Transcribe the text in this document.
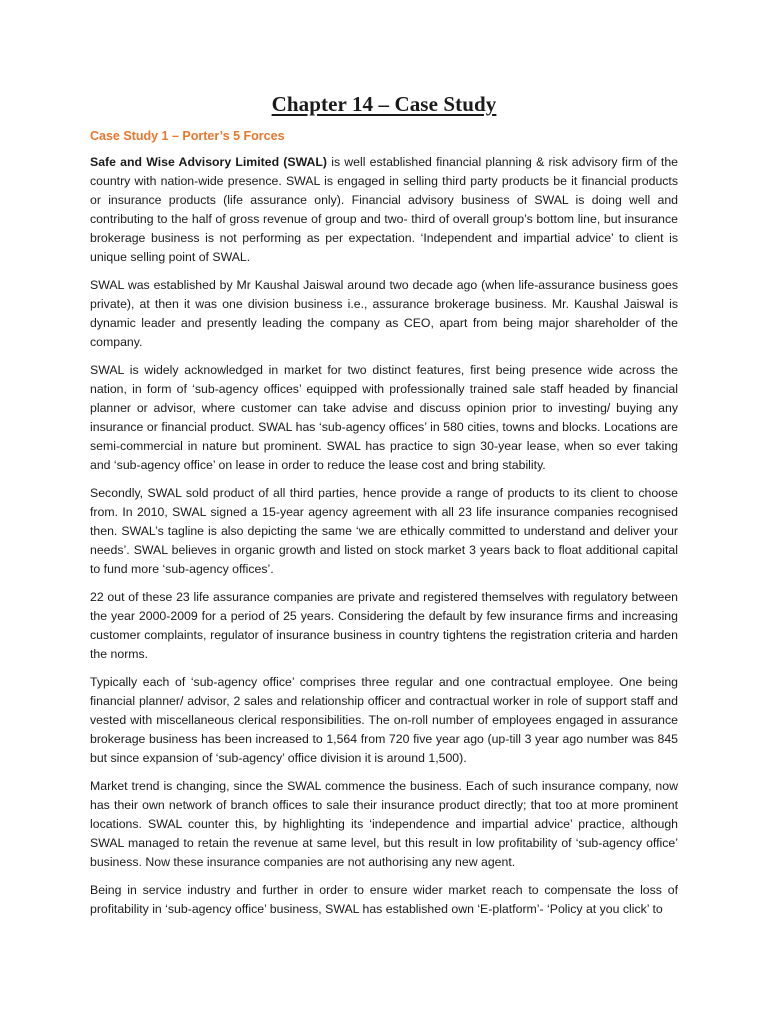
Chapter 14 – Case Study
Case Study 1 – Porter’s 5 Forces

Safe and Wise Advisory Limited (SWAL) is well established financial planning & risk advisory firm of the country with nation-wide presence. SWAL is engaged in selling third party products be it financial products or insurance products (life assurance only). Financial advisory business of SWAL is doing well and contributing to the half of gross revenue of group and two- third of overall group’s bottom line, but insurance brokerage business is not performing as per expectation. ‘Independent and impartial advice’ to client is unique selling point of SWAL.

SWAL was established by Mr Kaushal Jaiswal around two decade ago (when life-assurance business goes private), at then it was one division business i.e., assurance brokerage business. Mr. Kaushal Jaiswal is dynamic leader and presently leading the company as CEO, apart from being major shareholder of the company.

SWAL is widely acknowledged in market for two distinct features, first being presence wide across the nation, in form of ‘sub-agency offices’ equipped with professionally trained sale staff headed by financial planner or advisor, where customer can take advise and discuss opinion prior to investing/ buying any insurance or financial product. SWAL has ‘sub-agency offices’ in 580 cities, towns and blocks. Locations are semi-commercial in nature but prominent. SWAL has practice to sign 30-year lease, when so ever taking and ‘sub-agency office’ on lease in order to reduce the lease cost and bring stability.

Secondly, SWAL sold product of all third parties, hence provide a range of products to its client to choose from. In 2010, SWAL signed a 15-year agency agreement with all 23 life insurance companies recognised then. SWAL’s tagline is also depicting the same ‘we are ethically committed to understand and deliver your needs’. SWAL believes in organic growth and listed on stock market 3 years back to float additional capital to fund more ‘sub-agency offices’.

22 out of these 23 life assurance companies are private and registered themselves with regulatory between the year 2000-2009 for a period of 25 years. Considering the default by few insurance firms and increasing customer complaints, regulator of insurance business in country tightens the registration criteria and harden the norms.

Typically each of ‘sub-agency office’ comprises three regular and one contractual employee. One being financial planner/ advisor, 2 sales and relationship officer and contractual worker in role of support staff and vested with miscellaneous clerical responsibilities. The on-roll number of employees engaged in assurance brokerage business has been increased to 1,564 from 720 five year ago (up-till 3 year ago number was 845 but since expansion of ‘sub-agency’ office division it is around 1,500).

Market trend is changing, since the SWAL commence the business. Each of such insurance company, now has their own network of branch offices to sale their insurance product directly; that too at more prominent locations. SWAL counter this, by highlighting its ‘independence and impartial advice’ practice, although SWAL managed to retain the revenue at same level, but this result in low profitability of ‘sub-agency office’ business. Now these insurance companies are not authorising any new agent.

Being in service industry and further in order to ensure wider market reach to compensate the loss of profitability in ‘sub-agency office’ business, SWAL has established own ‘E-platform’- ‘Policy at you click’ to
